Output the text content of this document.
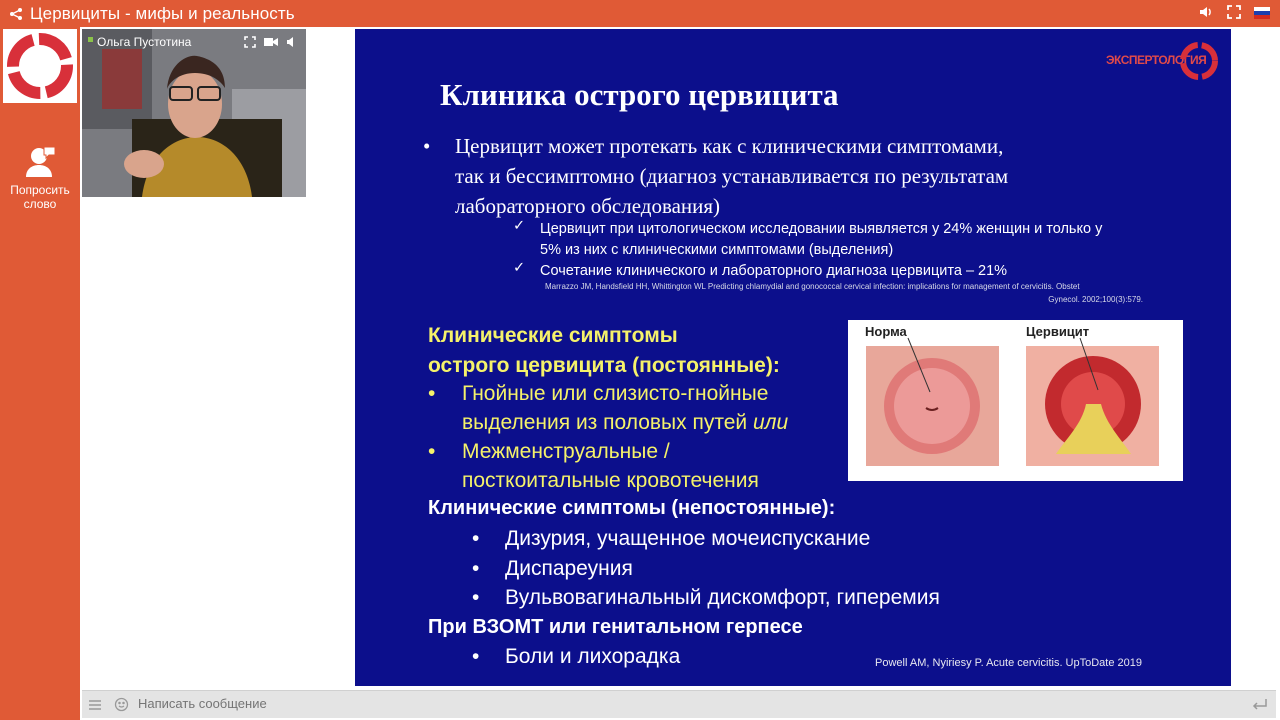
Цервициты - мифы и реальность
Попросить слово
Ольга Пустотина
ЭКСПЕРТОЛОГИЯ
Клиника острого цервицита
• Цервицит может протекать как с клиническими симптомами,
так и бессимптомно (диагноз устанавливается по результатам
лабораторного обследования)
✓ Цервицит при цитологическом исследовании выявляется у 24% женщин и только у
5% из них с клиническими симптомами (выделения)
✓ Сочетание клинического и лабораторного диагноза цервицита – 21%
Marrazzo JM, Handsfield HH, Whittington WL Predicting chlamydial and gonococcal cervical infection: implications for management of cervicitis. Obstet
Gynecol. 2002;100(3):579.
Клинические симптомы
острого цервицита (постоянные):
• Гнойные или слизисто-гнойные
выделения из половых путей или
• Межменструальные /
посткоитальные кровотечения
Клинические симптомы (непостоянные):
• Дизурия, учащенное мочеиспускание
• Диспареуния
• Вульвовагинальный дискомфорт, гиперемия
При ВЗОМТ или генитальном герпесе
• Боли и лихорадка	Powell AM, Nyiriesy P. Acute cervicitis. UpToDate 2019
Норма	Цервицит
Написать сообщение
